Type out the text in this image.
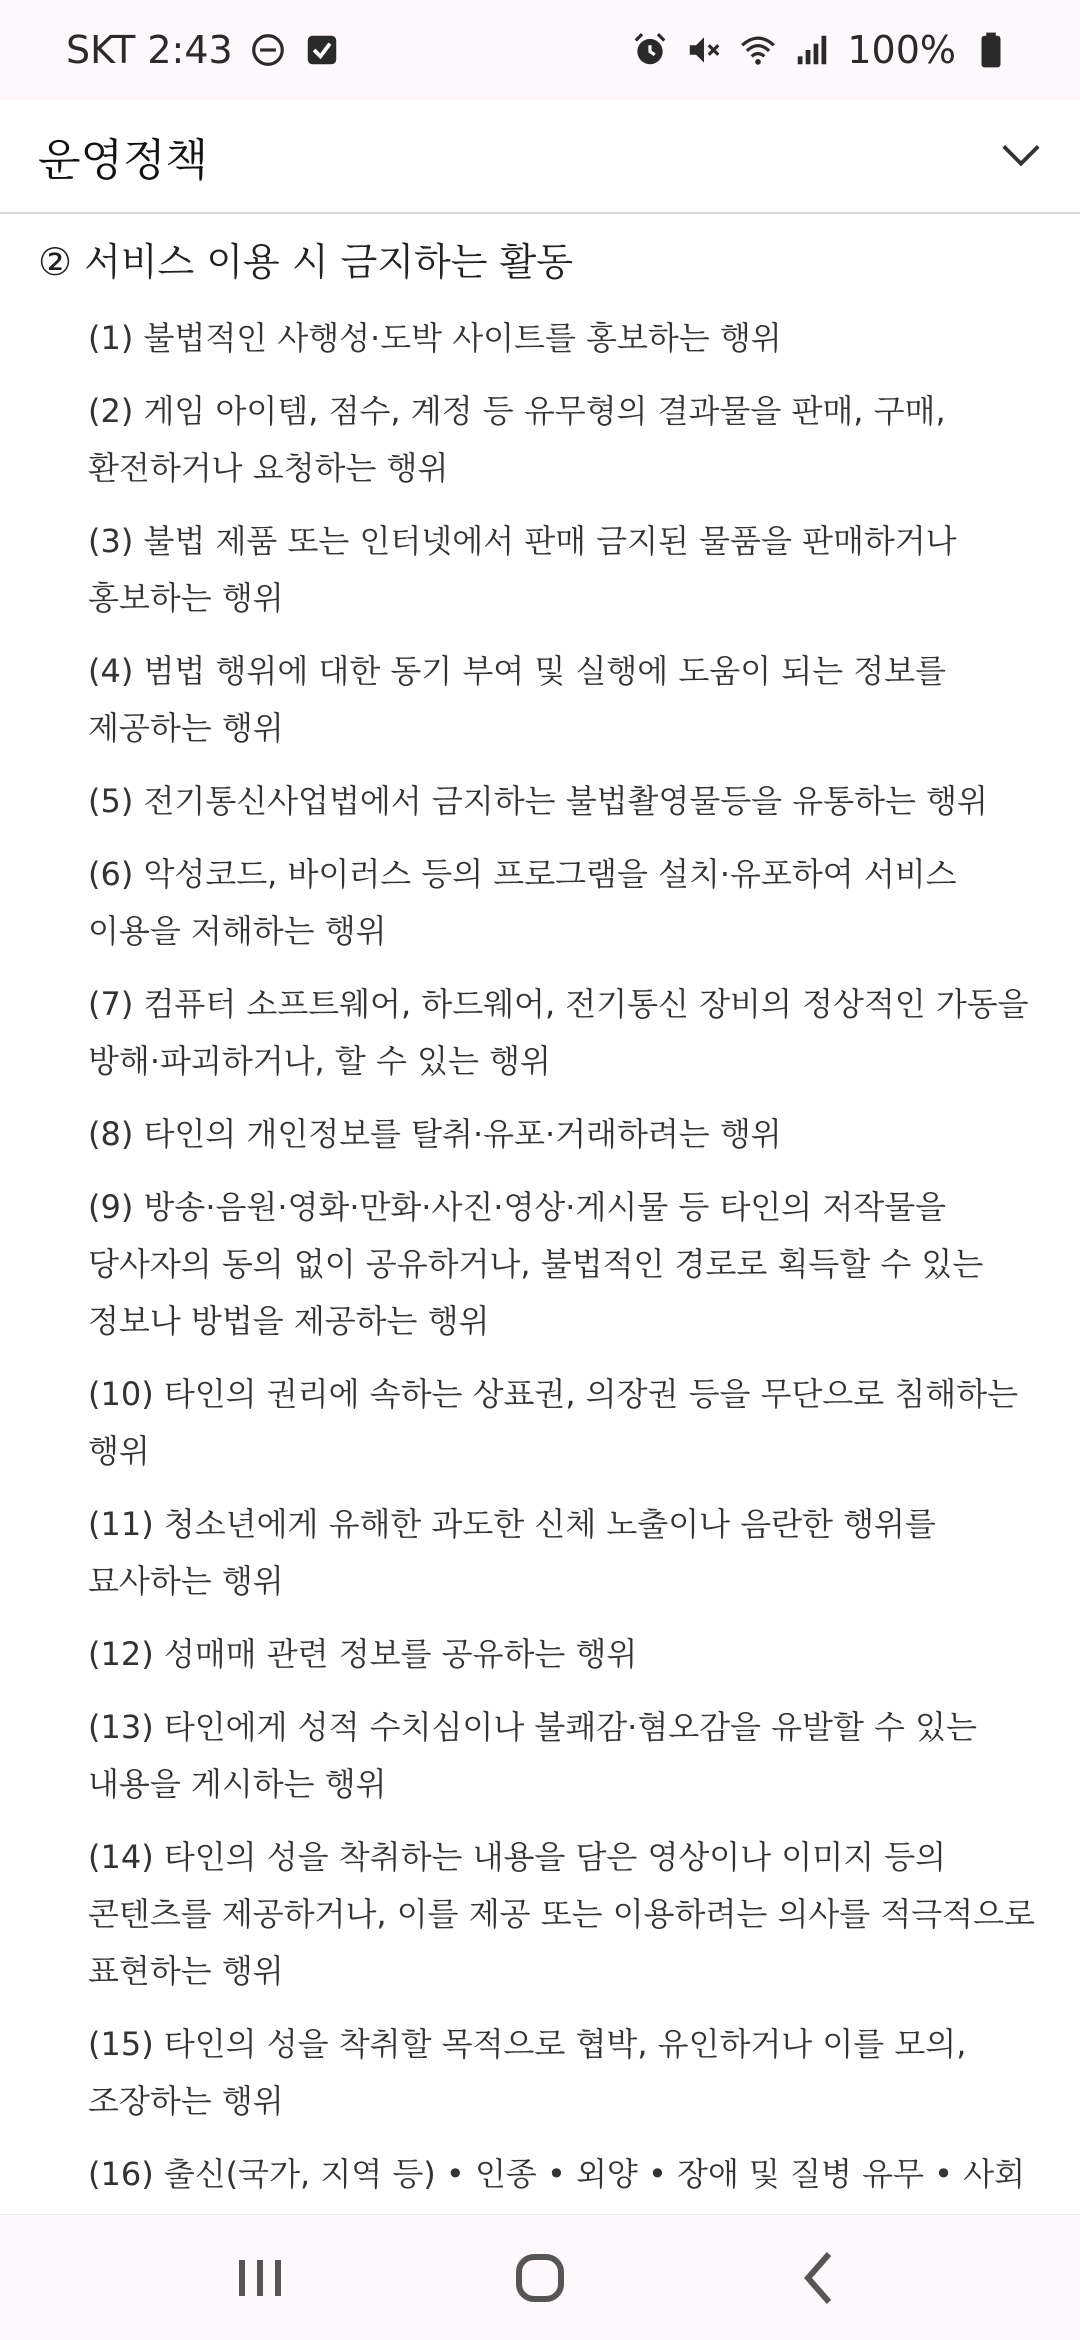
SKT 2:43	100%
운영정책
② 서비스 이용 시 금지하는 활동
(1) 불법적인 사행성·도박 사이트를 홍보하는 행위
(2) 게임 아이템, 점수, 계정 등 유무형의 결과물을 판매, 구매, 환전하거나 요청하는 행위
(3) 불법 제품 또는 인터넷에서 판매 금지된 물품을 판매하거나 홍보하는 행위
(4) 범법 행위에 대한 동기 부여 및 실행에 도움이 되는 정보를 제공하는 행위
(5) 전기통신사업법에서 금지하는 불법촬영물등을 유통하는 행위
(6) 악성코드, 바이러스 등의 프로그램을 설치·유포하여 서비스 이용을 저해하는 행위
(7) 컴퓨터 소프트웨어, 하드웨어, 전기통신 장비의 정상적인 가동을 방해·파괴하거나, 할 수 있는 행위
(8) 타인의 개인정보를 탈취·유포·거래하려는 행위
(9) 방송·음원·영화·만화·사진·영상·게시물 등 타인의 저작물을 당사자의 동의 없이 공유하거나, 불법적인 경로로 획득할 수 있는 정보나 방법을 제공하는 행위
(10) 타인의 권리에 속하는 상표권, 의장권 등을 무단으로 침해하는 행위
(11) 청소년에게 유해한 과도한 신체 노출이나 음란한 행위를 묘사하는 행위
(12) 성매매 관련 정보를 공유하는 행위
(13) 타인에게 성적 수치심이나 불쾌감·혐오감을 유발할 수 있는 내용을 게시하는 행위
(14) 타인의 성을 착취하는 내용을 담은 영상이나 이미지 등의 콘텐츠를 제공하거나, 이를 제공 또는 이용하려는 의사를 적극적으로 표현하는 행위
(15) 타인의 성을 착취할 목적으로 협박, 유인하거나 이를 모의, 조장하는 행위
(16) 출신(국가, 지역 등) • 인종 • 외양 • 장애 및 질병 유무 • 사회
